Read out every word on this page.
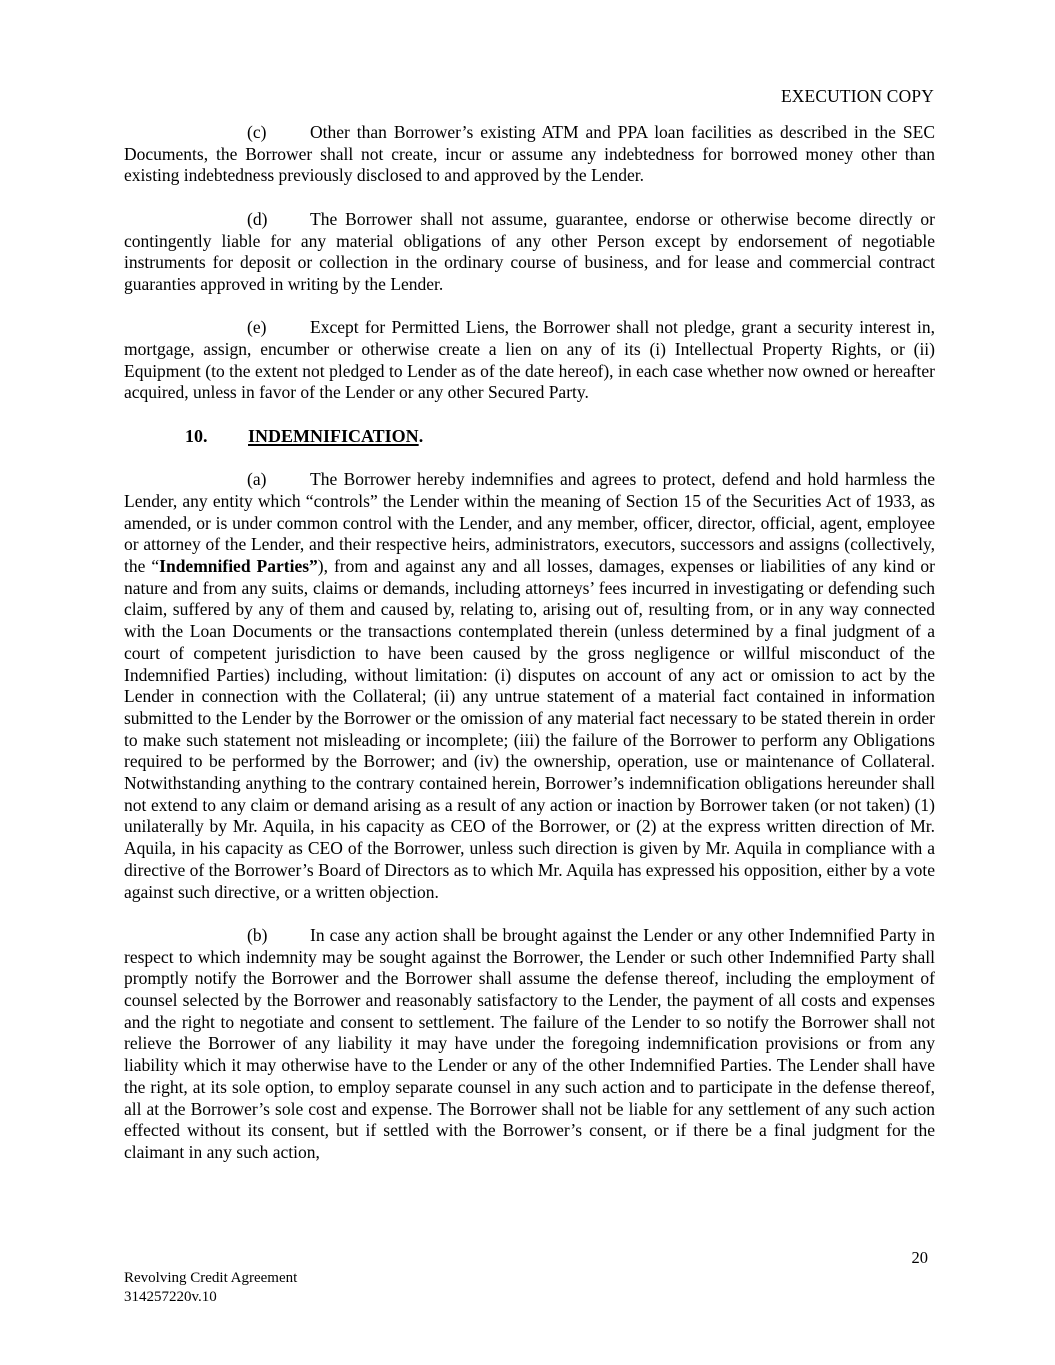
EXECUTION COPY

(c) Other than Borrower’s existing ATM and PPA loan facilities as described in the SEC Documents, the Borrower shall not create, incur or assume any indebtedness for borrowed money other than existing indebtedness previously disclosed to and approved by the Lender.

(d) The Borrower shall not assume, guarantee, endorse or otherwise become directly or contingently liable for any material obligations of any other Person except by endorsement of negotiable instruments for deposit or collection in the ordinary course of business, and for lease and commercial contract guaranties approved in writing by the Lender.

(e) Except for Permitted Liens, the Borrower shall not pledge, grant a security interest in, mortgage, assign, encumber or otherwise create a lien on any of its (i) Intellectual Property Rights, or (ii) Equipment (to the extent not pledged to Lender as of the date hereof), in each case whether now owned or hereafter acquired, unless in favor of the Lender or any other Secured Party.

10. INDEMNIFICATION.

(a) The Borrower hereby indemnifies and agrees to protect, defend and hold harmless the Lender, any entity which “controls” the Lender within the meaning of Section 15 of the Securities Act of 1933, as amended, or is under common control with the Lender, and any member, officer, director, official, agent, employee or attorney of the Lender, and their respective heirs, administrators, executors, successors and assigns (collectively, the “Indemnified Parties”), from and against any and all losses, damages, expenses or liabilities of any kind or nature and from any suits, claims or demands, including attorneys’ fees incurred in investigating or defending such claim, suffered by any of them and caused by, relating to, arising out of, resulting from, or in any way connected with the Loan Documents or the transactions contemplated therein (unless determined by a final judgment of a court of competent jurisdiction to have been caused by the gross negligence or willful misconduct of the Indemnified Parties) including, without limitation: (i) disputes on account of any act or omission to act by the Lender in connection with the Collateral; (ii) any untrue statement of a material fact contained in information submitted to the Lender by the Borrower or the omission of any material fact necessary to be stated therein in order to make such statement not misleading or incomplete; (iii) the failure of the Borrower to perform any Obligations required to be performed by the Borrower; and (iv) the ownership, operation, use or maintenance of Collateral. Notwithstanding anything to the contrary contained herein, Borrower’s indemnification obligations hereunder shall not extend to any claim or demand arising as a result of any action or inaction by Borrower taken (or not taken) (1) unilaterally by Mr. Aquila, in his capacity as CEO of the Borrower, or (2) at the express written direction of Mr. Aquila, in his capacity as CEO of the Borrower, unless such direction is given by Mr. Aquila in compliance with a directive of the Borrower’s Board of Directors as to which Mr. Aquila has expressed his opposition, either by a vote against such directive, or a written objection.

(b) In case any action shall be brought against the Lender or any other Indemnified Party in respect to which indemnity may be sought against the Borrower, the Lender or such other Indemnified Party shall promptly notify the Borrower and the Borrower shall assume the defense thereof, including the employment of counsel selected by the Borrower and reasonably satisfactory to the Lender, the payment of all costs and expenses and the right to negotiate and consent to settlement. The failure of the Lender to so notify the Borrower shall not relieve the Borrower of any liability it may have under the foregoing indemnification provisions or from any liability which it may otherwise have to the Lender or any of the other Indemnified Parties. The Lender shall have the right, at its sole option, to employ separate counsel in any such action and to participate in the defense thereof, all at the Borrower’s sole cost and expense. The Borrower shall not be liable for any settlement of any such action effected without its consent, but if settled with the Borrower’s consent, or if there be a final judgment for the claimant in any such action,

20
Revolving Credit Agreement
314257220v.10
